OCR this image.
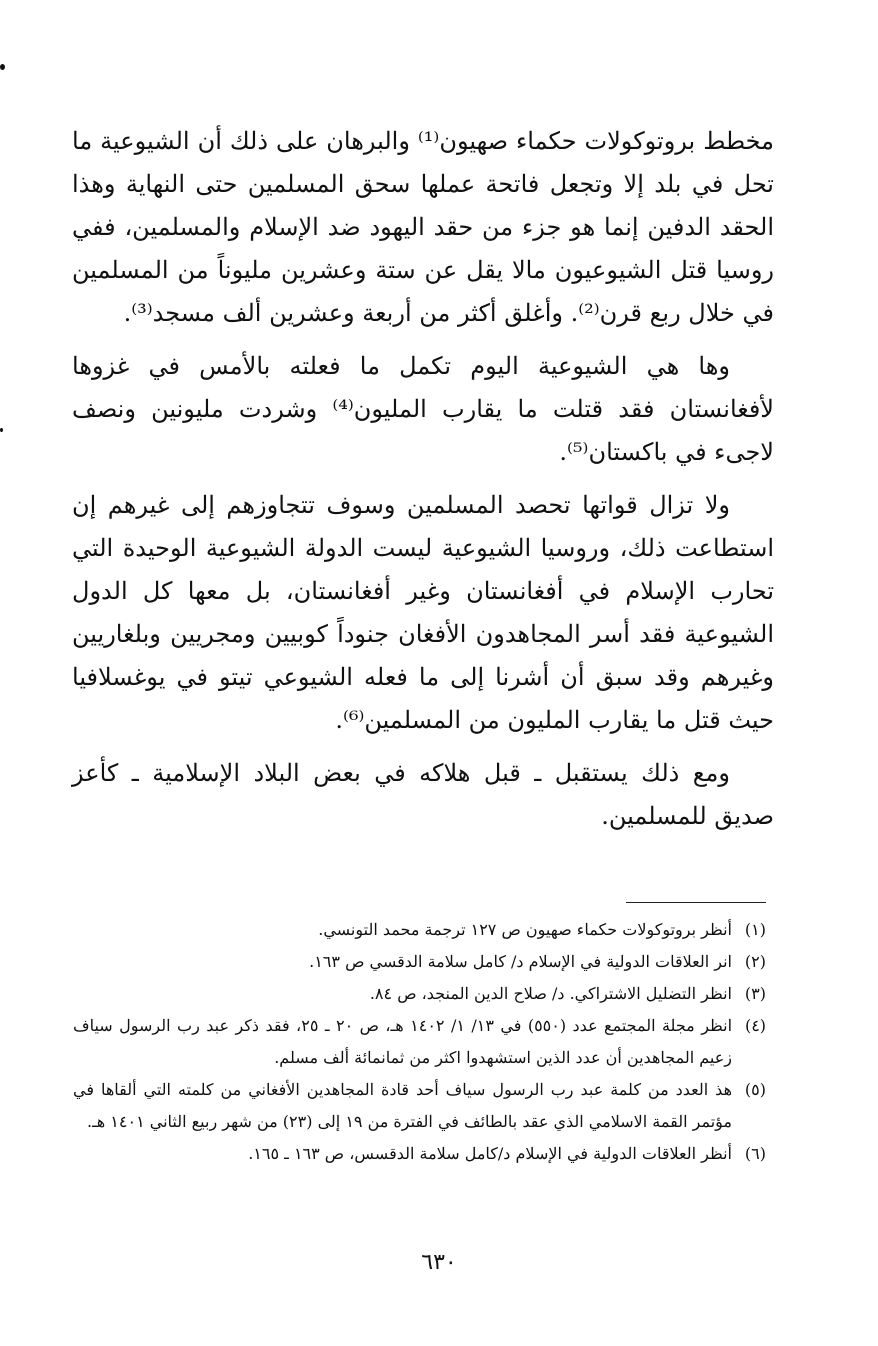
مخطط بروتوكولات حكماء صهيون⁽¹⁾ والبرهان على ذلك أن الشيوعية ما تحل في بلد إلا وتجعل فاتحة عملها سحق المسلمين حتى النهاية وهذا الحقد الدفين إنما هو جزء من حقد اليهود ضد الإسلام والمسلمين، ففي روسيا قتل الشيوعيون مالا يقل عن ستة وعشرين مليوناً من المسلمين في خلال ربع قرن⁽²⁾. وأغلق أكثر من أربعة وعشرين ألف مسجد⁽³⁾.

وها هي الشيوعية اليوم تكمل ما فعلته بالأمس في غزوها لأفغانستان فقد قتلت ما يقارب المليون⁽⁴⁾ وشردت مليونين ونصف لاجىء في باكستان⁽⁵⁾.

ولا تزال قواتها تحصد المسلمين وسوف تتجاوزهم إلى غيرهم إن استطاعت ذلك، وروسيا الشيوعية ليست الدولة الشيوعية الوحيدة التي تحارب الإسلام في أفغانستان وغير أفغانستان، بل معها كل الدول الشيوعية فقد أسر المجاهدون الأفغان جنوداً كوبيين ومجريين وبلغاريين وغيرهم وقد سبق أن أشرنا إلى ما فعله الشيوعي تيتو في يوغسلافيا حيث قتل ما يقارب المليون من المسلمين⁽⁶⁾.

ومع ذلك يستقبل ـ قبل هلاكه في بعض البلاد الإسلامية ـ كأعز صديق للمسلمين.

(١)أنظر بروتوكولات حكماء صهيون ص ١٢٧ ترجمة محمد التونسي.

(٢)انر العلاقات الدولية في الإسلام د/ كامل سلامة الدقسي ص ١٦٣.

(٣)انظر التضليل الاشتراكي. د/ صلاح الدين المنجد، ص ٨٤.

(٤)انظر مجلة المجتمع عدد (٥٥٠) في ١٣/ ١/ ١٤٠٢ هـ، ص ٢٠ ـ ٢٥، فقد ذكر عبد رب الرسول سياف زعيم المجاهدين أن عدد الذين استشهدوا اكثر من ثمانمائة ألف مسلم.

(٥)هذ العدد من كلمة عبد رب الرسول سياف أحد قادة المجاهدين الأفغاني من كلمته التي ألقاها في مؤتمر القمة الاسلامي الذي عقد بالطائف في الفترة من ١٩ إلى (٢٣) من شهر ربيع الثاني ١٤٠١ هـ.

(٦)أنظر العلاقات الدولية في الإسلام د/كامل سلامة الدقسس، ص ١٦٣ ـ ١٦٥.

٦٣٠
